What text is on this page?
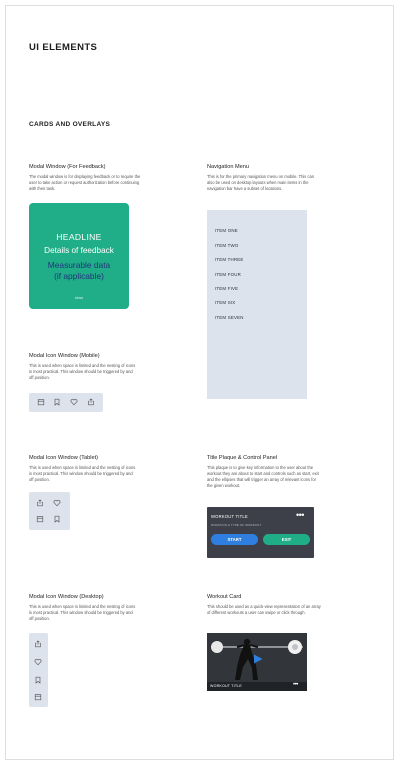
UI ELEMENTS
CARDS AND OVERLAYS
Modal Window (For Feedback)
The modal window is for displaying feedback or to require the user to take action or request authorization before continuing with their task.
HEADLINE
Details of feedback
Measurable data
(if applicable)
close
Navigation Menu
This is for the primary navigation menu on mobile. This can also be used on desktop layouts when main items in the navigation bar have a subset of locations.
ITEM ONE
ITEM TWO
ITEM THREE
ITEM FOUR
ITEM FIVE
ITEM SIX
ITEM SEVEN
Modal Icon Window (Mobile)
This is used when space is limited and the nesting of icons is most practical. This window should be triggered by and off position.
Modal Icon Window (Tablet)
This is used when space is limited and the nesting of icons is most practical. This window should be triggered by and off position.
Title Plaque & Control Panel
This plaque is to give key information to the user about the workout they are about to start and controls such as start, exit and the ellipses that will trigger an array of relevant icons for the given workout.
WORKOUT TITLE
DURATION & TYPE OF WORKOUT
•••
START	EXIT
Modal Icon Window (Desktop)
This is used when space is limited and the nesting of icons is most practical. This window should be triggered by and off position.
Workout Card
This should be used as a quick-view representation of an array of different workouts a user can swipe or click through.
WORKOUT TITLE	•••
